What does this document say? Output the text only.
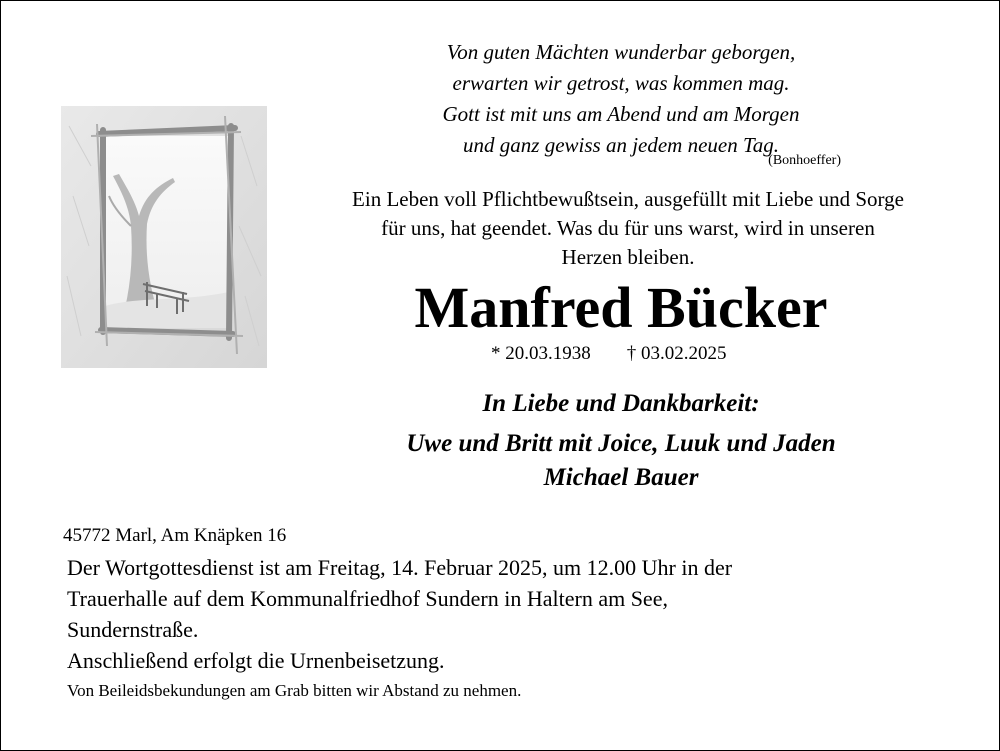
Von guten Mächten wunderbar geborgen,
erwarten wir getrost, was kommen mag.
Gott ist mit uns am Abend und am Morgen
und ganz gewiss an jedem neuen Tag.
(Bonhoeffer)
Ein Leben voll Pflichtbewußtsein, ausgefüllt mit Liebe und Sorge
für uns, hat geendet. Was du für uns warst, wird in unseren
Herzen bleiben.
Manfred Bücker
* 20.03.1938 † 03.02.2025
In Liebe und Dankbarkeit:
Uwe und Britt mit Joice, Luuk und Jaden
Michael Bauer
45772 Marl, Am Knäpken 16
Der Wortgottesdienst ist am Freitag, 14. Februar 2025, um 12.00 Uhr in der
Trauerhalle auf dem Kommunalfriedhof Sundern in Haltern am See,
Sundernstraße.
Anschließend erfolgt die Urnenbeisetzung.
Von Beileidsbekundungen am Grab bitten wir Abstand zu nehmen.
